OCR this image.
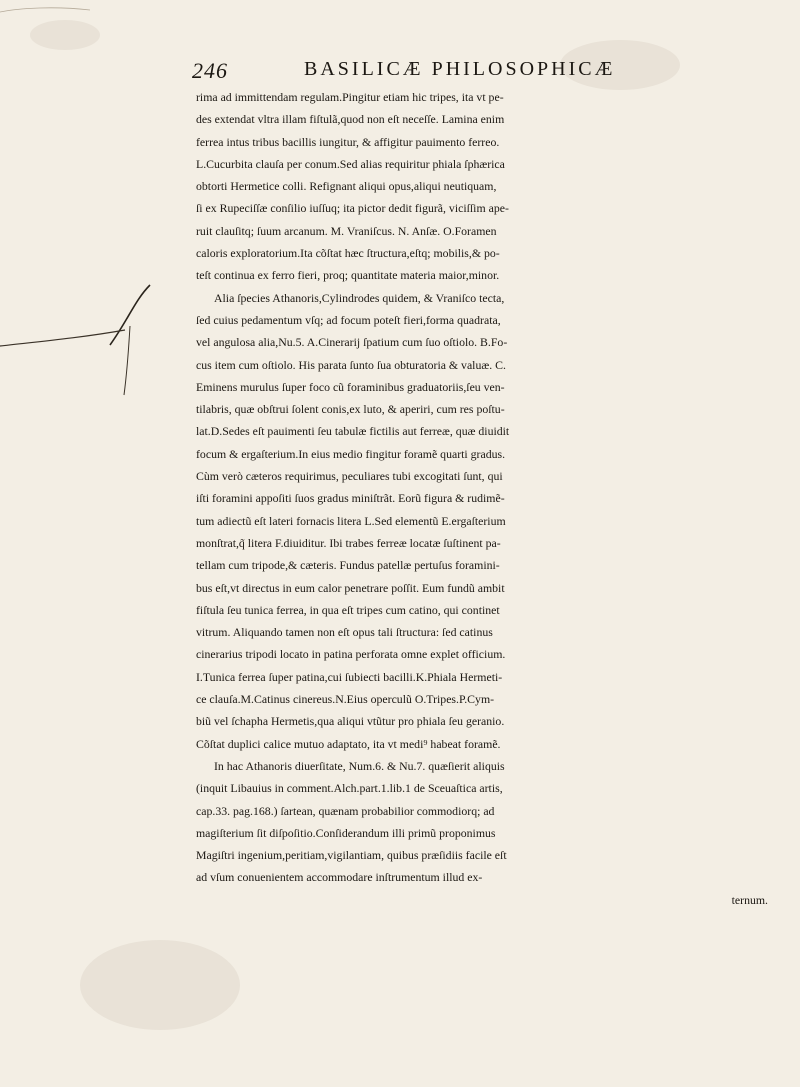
246	BASILICÆ PHILOSOPHICÆ
rima ad immittendam regulam.Pingitur etiam hic tripes, ita vt pe-
des extendat vltra illam fiſtulã,quod non eſt neceſſe. Lamina enim
ferrea intus tribus bacillis iungitur, & affigitur pauimento ferreo.
L.Cucurbita clauſa per conum.Sed alias requiritur phiala ſphærica
obtorti Hermetice colli. Refignant aliqui opus,aliqui neutiquam,
ſi ex Rupeciſſæ conſilio iuſſuq; ita pictor dedit figurã, viciſſim ape-
ruit clauſitq; ſuum arcanum. M. Vraniſcus. N. Anſæ. O.Foramen
caloris exploratorium.Ita cõſtat hæc ſtructura,eſtq; mobilis,& po-
teſt continua ex ferro fieri, proq; quantitate materia maior,minor.
Alia ſpecies Athanoris,Cylindrodes quidem, & Vraniſco tecta,
ſed cuius pedamentum vſq; ad focum poteſt fieri,forma quadrata,
vel angulosa alia,Nu.5. A.Cinerarij ſpatium cum ſuo oſtiolo. B.Fo-
cus item cum oſtiolo. His parata ſunto ſua obturatoria & valuæ. C.
Eminens murulus ſuper foco cũ foraminibus graduatoriis,ſeu ven-
tilabris, quæ obſtrui ſolent conis,ex luto, & aperiri, cum res poſtu-
lat.D.Sedes eſt pauimenti ſeu tabulæ fictilis aut ferreæ, quæ diuidit
focum & ergaſterium.In eius medio fingitur foramẽ quarti gradus.
Cùm verò cæteros requirimus, peculiares tubi excogitati ſunt, qui
iſti foramini appoſiti ſuos gradus miniſtrãt. Eorũ figura & rudimẽ-
tum adiectũ eſt lateri fornacis litera L.Sed elementũ E.ergaſterium
monſtrat,q̃ litera F.diuiditur. Ibi trabes ferreæ locatæ ſuſtinent pa-
tellam cum tripode,& cæteris. Fundus patellæ pertuſus foramini-
bus eſt,vt directus in eum calor penetrare poſſit. Eum fundũ ambit
fiſtula ſeu tunica ferrea, in qua eſt tripes cum catino, qui continet
vitrum. Aliquando tamen non eſt opus tali ſtructura: ſed catinus
cinerarius tripodi locato in patina perforata omne explet officium.
I.Tunica ferrea ſuper patina,cui ſubiecti bacilli.K.Phiala Hermeti-
ce clauſa.M.Catinus cinereus.N.Eius operculũ O.Tripes.P.Cym-
biũ vel ſchapha Hermetis,qua aliqui vtũtur pro phiala ſeu geranio.
Cõſtat duplici calice mutuo adaptato, ita vt medi⁹ habeat foramẽ.
In hac Athanoris diuerſitate, Num.6. & Nu.7. quæſierit aliquis
(inquit Libauius in comment.Alch.part.1.lib.1 de Sceuaſtica artis,
cap.33. pag.168.) ſartean, quænam probabilior commodiorq; ad
magiſterium ſit diſpoſitio.Conſiderandum illi primũ proponimus
Magiſtri ingenium,peritiam,vigilantiam, quibus præſidiis facile eſt
ad vſum conuenientem accommodare inſtrumentum illud ex-
ternum.
